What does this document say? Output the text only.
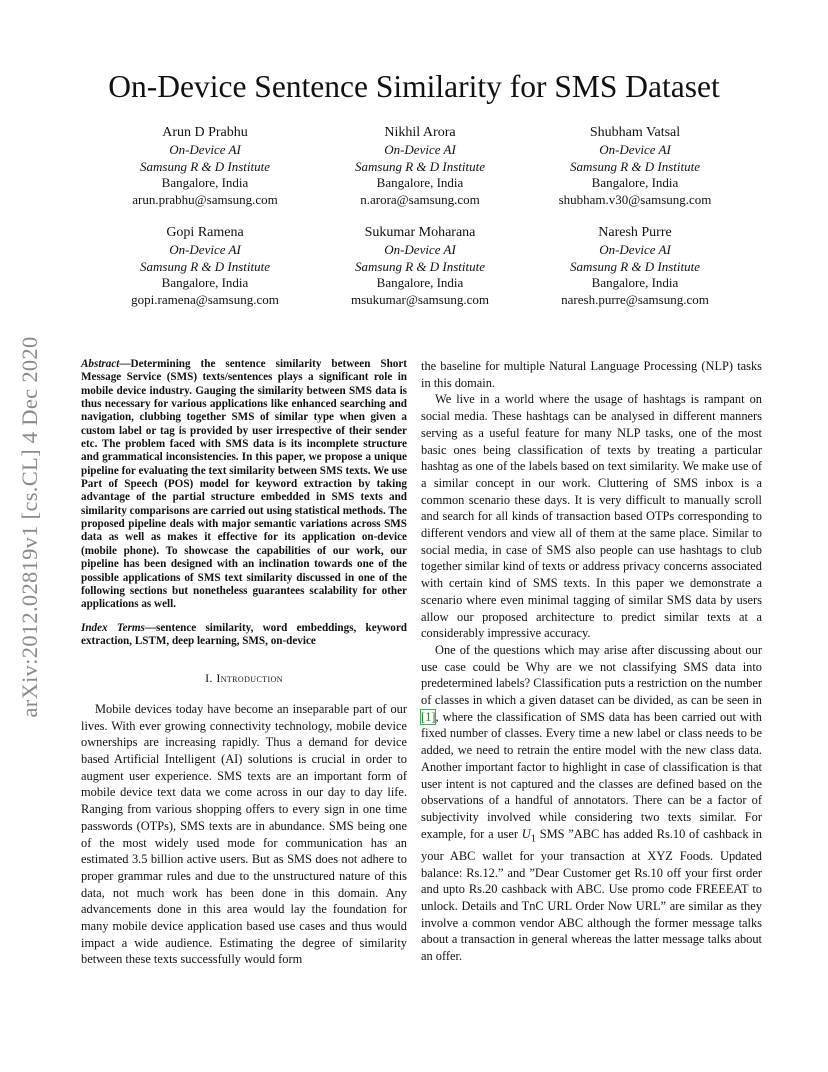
arXiv:2012.02819v1 [cs.CL] 4 Dec 2020
On-Device Sentence Similarity for SMS Dataset
Arun D Prabhu
On-Device AI
Samsung R & D Institute
Bangalore, India
arun.prabhu@samsung.com
Nikhil Arora
On-Device AI
Samsung R & D Institute
Bangalore, India
n.arora@samsung.com
Shubham Vatsal
On-Device AI
Samsung R & D Institute
Bangalore, India
shubham.v30@samsung.com
Gopi Ramena
On-Device AI
Samsung R & D Institute
Bangalore, India
gopi.ramena@samsung.com
Sukumar Moharana
On-Device AI
Samsung R & D Institute
Bangalore, India
msukumar@samsung.com
Naresh Purre
On-Device AI
Samsung R & D Institute
Bangalore, India
naresh.purre@samsung.com
Abstract—Determining the sentence similarity between Short Message Service (SMS) texts/sentences plays a significant role in mobile device industry. Gauging the similarity between SMS data is thus necessary for various applications like enhanced searching and navigation, clubbing together SMS of similar type when given a custom label or tag is provided by user irrespective of their sender etc. The problem faced with SMS data is its incomplete structure and grammatical inconsistencies. In this paper, we propose a unique pipeline for evaluating the text similarity between SMS texts. We use Part of Speech (POS) model for keyword extraction by taking advantage of the partial structure embedded in SMS texts and similarity comparisons are carried out using statistical methods. The proposed pipeline deals with major semantic variations across SMS data as well as makes it effective for its application on-device (mobile phone). To showcase the capabilities of our work, our pipeline has been designed with an inclination towards one of the possible applications of SMS text similarity discussed in one of the following sections but nonetheless guarantees scalability for other applications as well.
Index Terms—sentence similarity, word embeddings, keyword extraction, LSTM, deep learning, SMS, on-device
I. Introduction

Mobile devices today have become an inseparable part of our lives. With ever growing connectivity technology, mobile device ownerships are increasing rapidly. Thus a demand for device based Artificial Intelligent (AI) solutions is crucial in order to augment user experience. SMS texts are an important form of mobile device text data we come across in our day to day life. Ranging from various shopping offers to every sign in one time passwords (OTPs), SMS texts are in abundance. SMS being one of the most widely used mode for communication has an estimated 3.5 billion active users. But as SMS does not adhere to proper grammar rules and due to the unstructured nature of this data, not much work has been done in this domain. Any advancements done in this area would lay the foundation for many mobile device application based use cases and thus would impact a wide audience. Estimating the degree of similarity between these texts successfully would form

the baseline for multiple Natural Language Processing (NLP) tasks in this domain.

We live in a world where the usage of hashtags is rampant on social media. These hashtags can be analysed in different manners serving as a useful feature for many NLP tasks, one of the most basic ones being classification of texts by treating a particular hashtag as one of the labels based on text similarity. We make use of a similar concept in our work. Cluttering of SMS inbox is a common scenario these days. It is very difficult to manually scroll and search for all kinds of transaction based OTPs corresponding to different vendors and view all of them at the same place. Similar to social media, in case of SMS also people can use hashtags to club together similar kind of texts or address privacy concerns associated with certain kind of SMS texts. In this paper we demonstrate a scenario where even minimal tagging of similar SMS data by users allow our proposed architecture to predict similar texts at a considerably impressive accuracy.

One of the questions which may arise after discussing about our use case could be Why are we not classifying SMS data into predetermined labels? Classification puts a restriction on the number of classes in which a given dataset can be divided, as can be seen in [1], where the classification of SMS data has been carried out with fixed number of classes. Every time a new label or class needs to be added, we need to retrain the entire model with the new class data. Another important factor to highlight in case of classification is that user intent is not captured and the classes are defined based on the observations of a handful of annotators. There can be a factor of subjectivity involved while considering two texts similar. For example, for a user $U_1$ SMS ”ABC has added Rs.10 of cashback in your ABC wallet for your transaction at XYZ Foods. Updated balance: Rs.12.” and ”Dear Customer get Rs.10 off your first order and upto Rs.20 cashback with ABC. Use promo code FREEEAT to unlock. Details and TnC URL Order Now URL” are similar as they involve a common vendor ABC although the former message talks about a transaction in general whereas the latter message talks about an offer.
